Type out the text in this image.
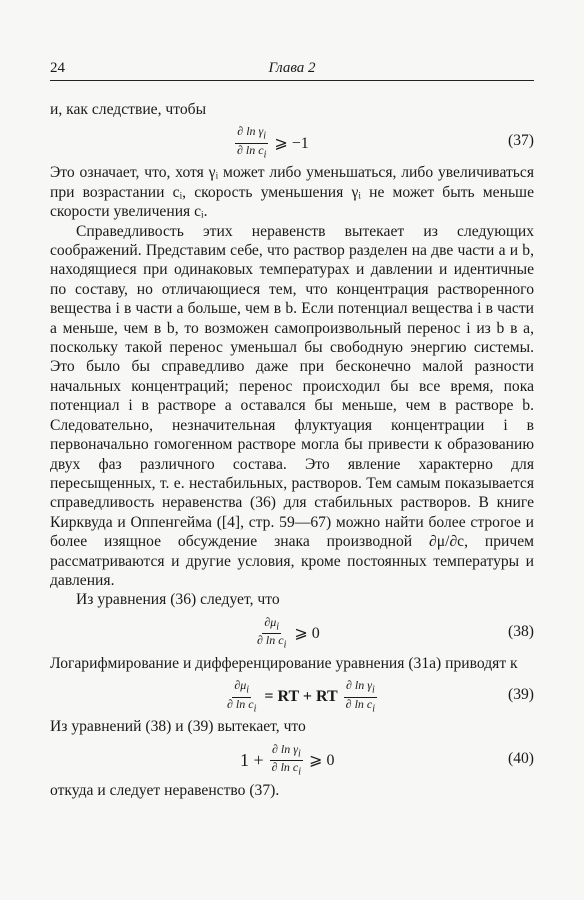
24	Глава 2

и, как следствие, чтобы

$\frac{\partial \ln \gamma_i}{\partial \ln c_i}$ ⩾ −1	(37)

Это означает, что, хотя γᵢ может либо уменьшаться, либо увеличиваться при возрастании cᵢ, скорость уменьшения γᵢ не может быть меньше скорости увеличения cᵢ.

Справедливость этих неравенств вытекает из следующих соображений. Представим себе, что раствор разделен на две части a и b, находящиеся при одинаковых температурах и давлении и идентичные по составу, но отличающиеся тем, что концентрация растворенного вещества i в части a больше, чем в b. Если потенциал вещества i в части a меньше, чем в b, то возможен самопроизвольный перенос i из b в a, поскольку такой перенос уменьшал бы свободную энергию системы. Это было бы справедливо даже при бесконечно малой разности начальных концентраций; перенос происходил бы все время, пока потенциал i в растворе a оставался бы меньше, чем в растворе b. Следовательно, незначительная флуктуация концентрации i в первоначально гомогенном растворе могла бы привести к образованию двух фаз различного состава. Это явление характерно для пересыщенных, т. е. нестабильных, растворов. Тем самым показывается справедливость неравенства (36) для стабильных растворов. В книге Кирквуда и Оппенгейма ([4], стр. 59—67) можно найти более строгое и более изящное обсуждение знака производной ∂μ/∂c, причем рассматриваются и другие условия, кроме постоянных температуры и давления.

Из уравнения (36) следует, что

$\frac{\partial\mu_i}{\partial \ln c_i}$ ⩾ 0	(38)

Логарифмирование и дифференцирование уравнения (31а) приводят к

$\frac{\partial\mu_i}{\partial \ln c_i}$ = RT + RT $\frac{\partial \ln \gamma_i}{\partial \ln c_i}$	(39)

Из уравнений (38) и (39) вытекает, что

$1 + \frac{\partial \ln \gamma_i}{\partial \ln c_i}$ ⩾ 0	(40)

откуда и следует неравенство (37).
